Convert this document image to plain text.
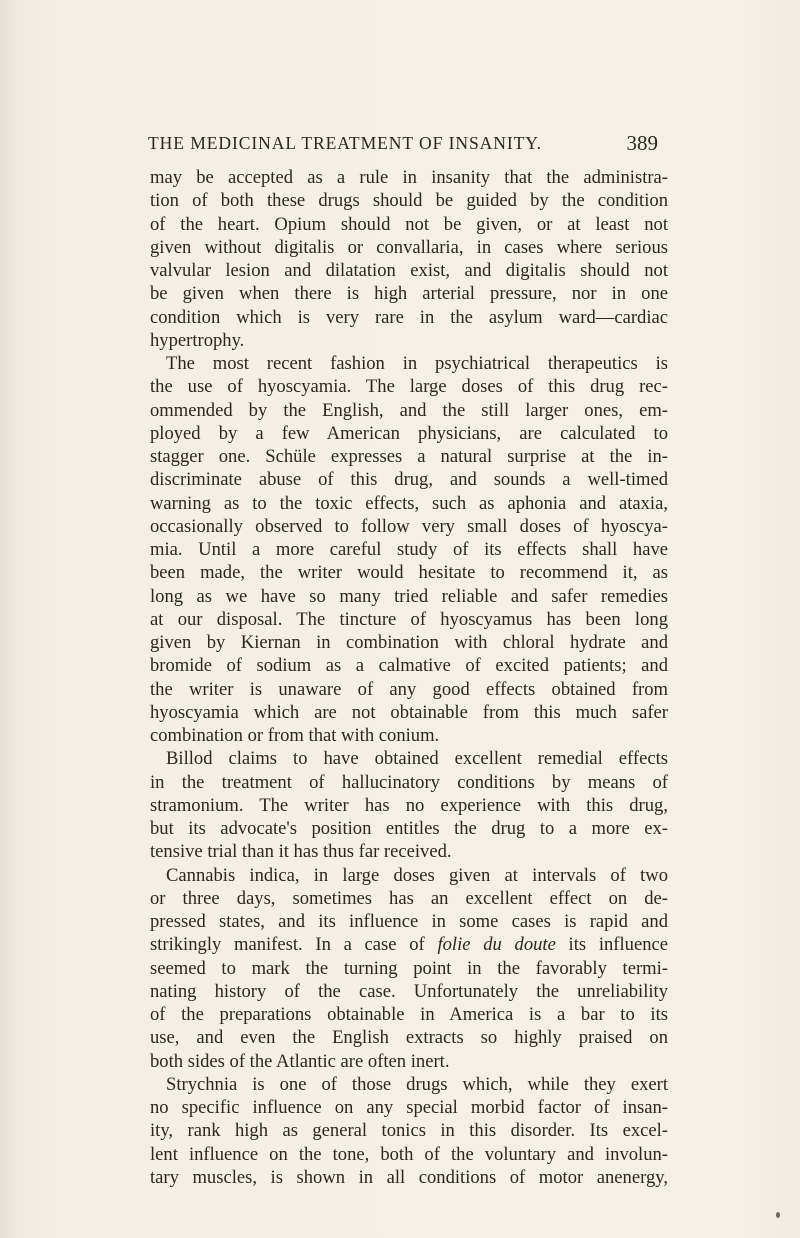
THE MEDICINAL TREATMENT OF INSANITY.	389
may be accepted as a rule in insanity that the administra-
tion of both these drugs should be guided by the condition
of the heart. Opium should not be given, or at least not
given without digitalis or convallaria, in cases where serious
valvular lesion and dilatation exist, and digitalis should not
be given when there is high arterial pressure, nor in one
condition which is very rare in the asylum ward—cardiac
hypertrophy.
The most recent fashion in psychiatrical therapeutics is
the use of hyoscyamia. The large doses of this drug rec-
ommended by the English, and the still larger ones, em-
ployed by a few American physicians, are calculated to
stagger one. Schüle expresses a natural surprise at the in-
discriminate abuse of this drug, and sounds a well-timed
warning as to the toxic effects, such as aphonia and ataxia,
occasionally observed to follow very small doses of hyoscya-
mia. Until a more careful study of its effects shall have
been made, the writer would hesitate to recommend it, as
long as we have so many tried reliable and safer remedies
at our disposal. The tincture of hyoscyamus has been long
given by Kiernan in combination with chloral hydrate and
bromide of sodium as a calmative of excited patients; and
the writer is unaware of any good effects obtained from
hyoscyamia which are not obtainable from this much safer
combination or from that with conium.
Billod claims to have obtained excellent remedial effects
in the treatment of hallucinatory conditions by means of
stramonium. The writer has no experience with this drug,
but its advocate's position entitles the drug to a more ex-
tensive trial than it has thus far received.
Cannabis indica, in large doses given at intervals of two
or three days, sometimes has an excellent effect on de-
pressed states, and its influence in some cases is rapid and
strikingly manifest. In a case of folie du doute its influence
seemed to mark the turning point in the favorably termi-
nating history of the case. Unfortunately the unreliability
of the preparations obtainable in America is a bar to its
use, and even the English extracts so highly praised on
both sides of the Atlantic are often inert.
Strychnia is one of those drugs which, while they exert
no specific influence on any special morbid factor of insan-
ity, rank high as general tonics in this disorder. Its excel-
lent influence on the tone, both of the voluntary and involun-
tary muscles, is shown in all conditions of motor anenergy,
